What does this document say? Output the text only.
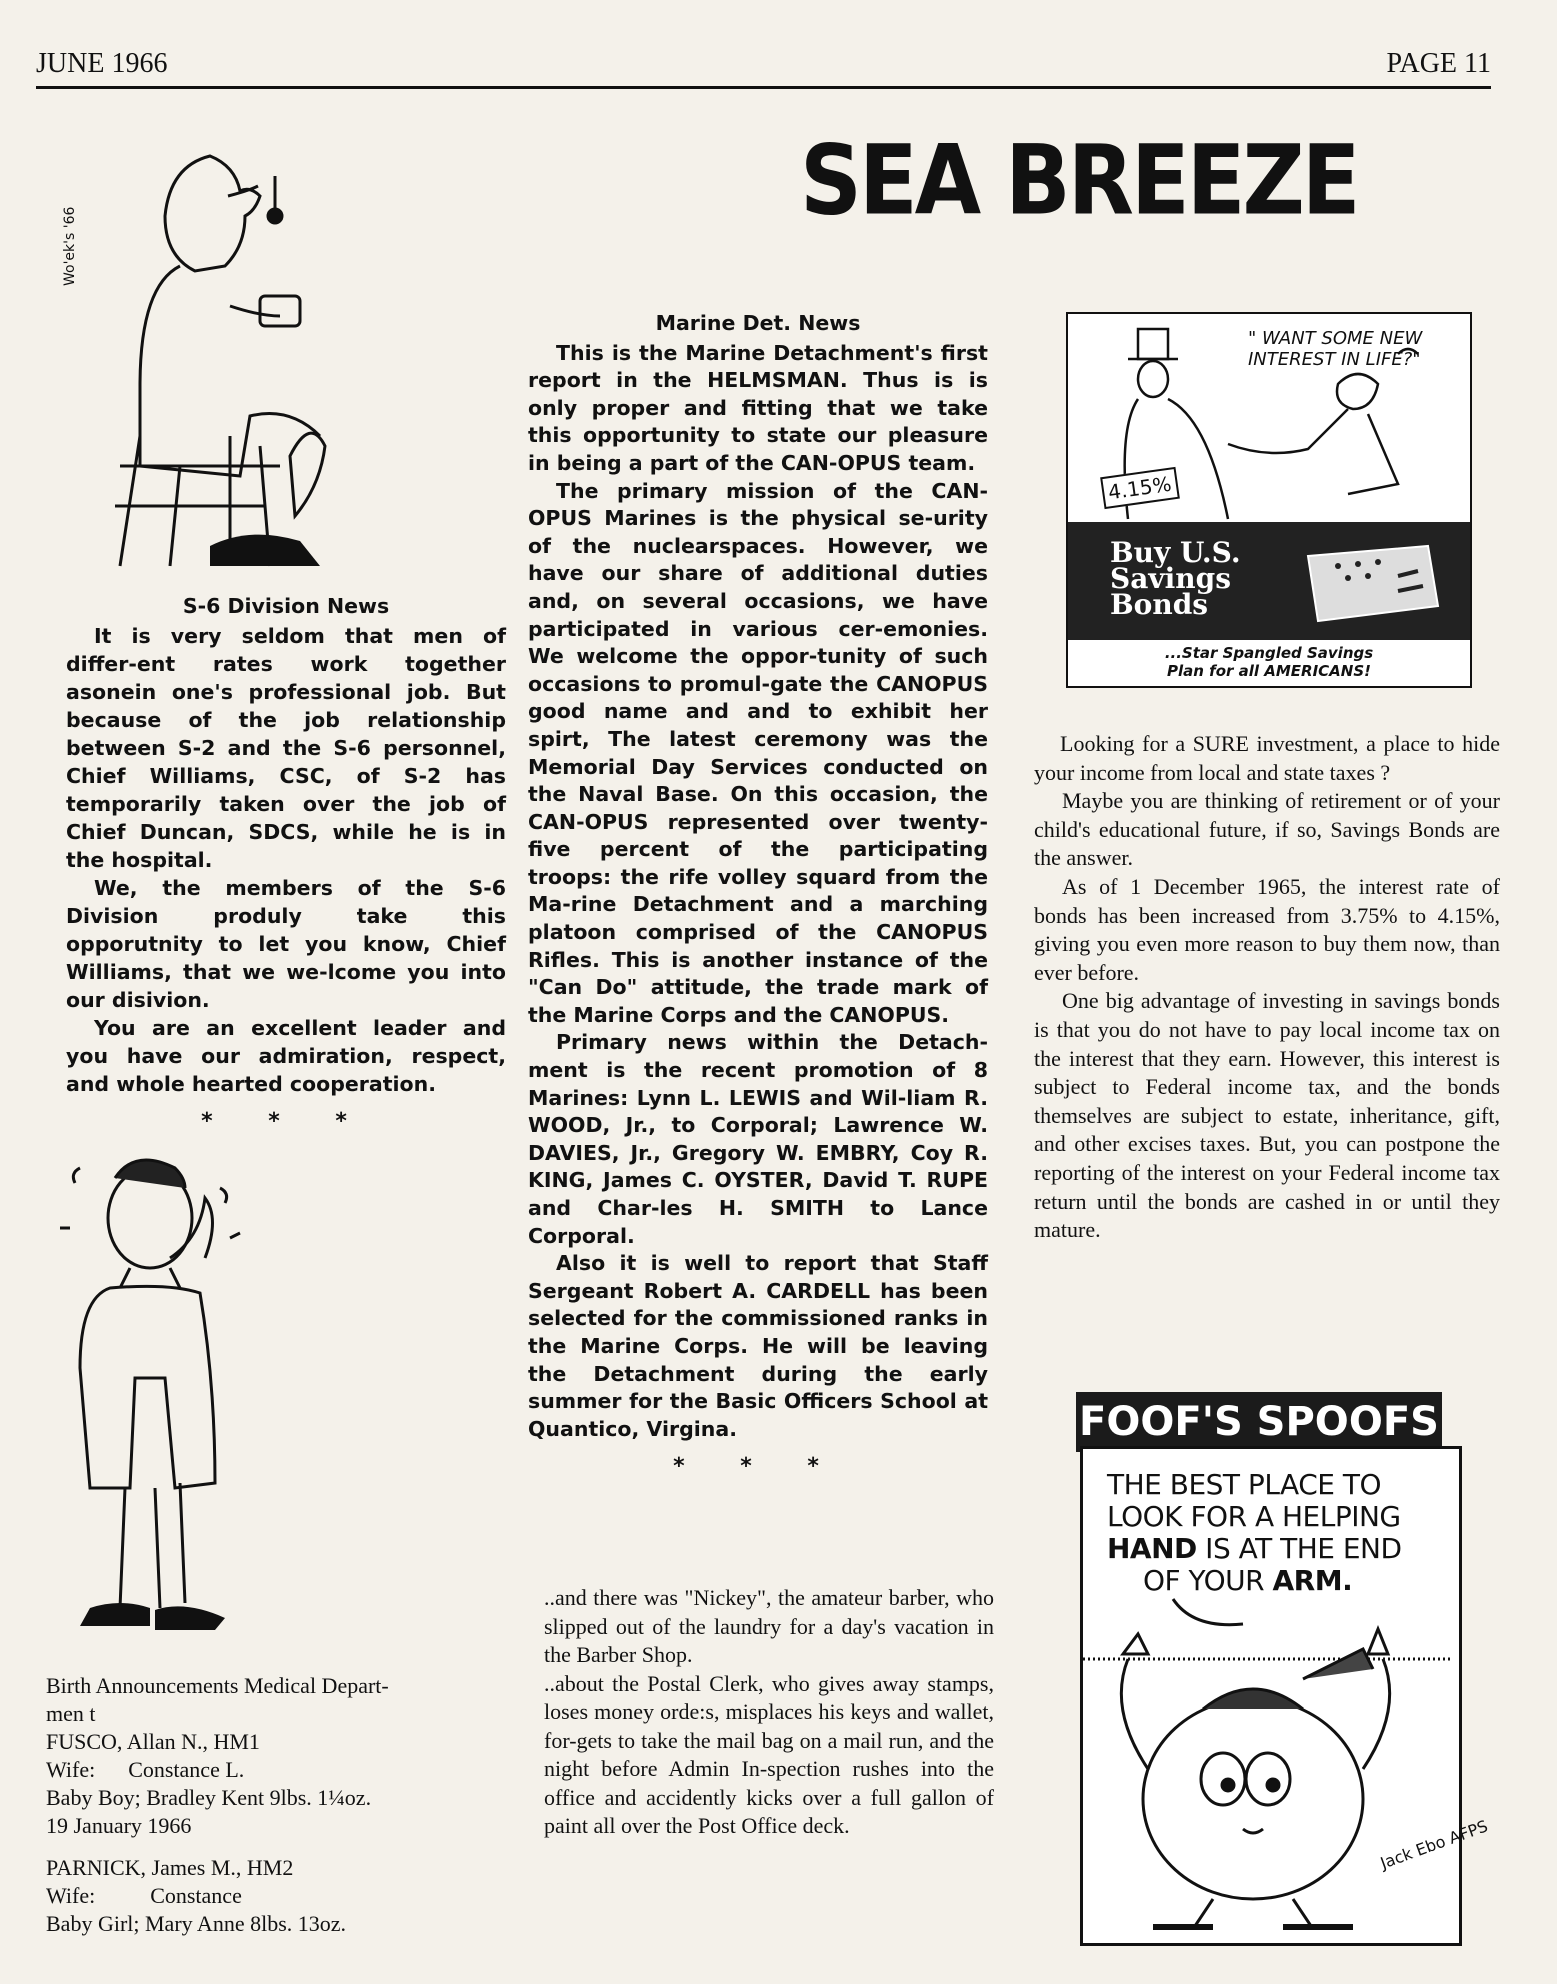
JUNE 1966	PAGE 11
SEA BREEZE
Wo'ek's '66
S-6 Division News

It is very seldom that men of differ-ent rates work together asonein one's professional job. But because of the job relationship between S-2 and the S-6 personnel, Chief Williams, CSC, of S-2 has temporarily taken over the job of Chief Duncan, SDCS, while he is in the hospital.

We, the members of the S-6 Division produly take this opporutnity to let you know, Chief Williams, that we we-lcome you into our disivion.

You are an excellent leader and you have our admiration, respect, and whole hearted cooperation.

* * *
Birth Announcements Medical Depart-
men t
FUSCO, Allan N., HM1
Wife:      Constance L.
Baby Boy; Bradley Kent 9lbs. 1¼oz.
19 January 1966
PARNICK, James M., HM2
Wife:          Constance
Baby Girl; Mary Anne 8lbs. 13oz.
Marine Det. News

This is the Marine Detachment's first report in the HELMSMAN. Thus is is only proper and fitting that we take this opportunity to state our pleasure in being a part of the CAN-OPUS team.

The primary mission of the CAN-OPUS Marines is the physical se-urity of the nuclearspaces. However, we have our share of additional duties and, on several occasions, we have participated in various cer-emonies. We welcome the oppor-tunity of such occasions to promul-gate the CANOPUS good name and and to exhibit her spirt, The latest ceremony was the Memorial Day Services conducted on the Naval Base. On this occasion, the CAN-OPUS represented over twenty-five percent of the participating troops: the rife volley squard from the Ma-rine Detachment and a marching platoon comprised of the CANOPUS Rifles. This is another instance of the "Can Do" attitude, the trade mark of the Marine Corps and the CANOPUS.

Primary news within the Detach-ment is the recent promotion of 8 Marines: Lynn L. LEWIS and Wil-liam R. WOOD, Jr., to Corporal; Lawrence W. DAVIES, Jr., Gregory W. EMBRY, Coy R. KING, James C. OYSTER, David T. RUPE and Char-les H. SMITH to Lance Corporal.

Also it is well to report that Staff Sergeant Robert A. CARDELL has been selected for the commissioned ranks in the Marine Corps. He will be leaving the Detachment during the early summer for the Basic Officers School at Quantico, Virgina.

* * *

..and there was "Nickey", the amateur barber, who slipped out of the laundry for a day's vacation in the Barber Shop.

..about the Postal Clerk, who gives away stamps, loses money orde:s, misplaces his keys and wallet, for-gets to take the mail bag on a mail run, and the night before Admin In-spection rushes into the office and accidently kicks over a full gallon of paint all over the Post Office deck.

4.15%
" WANT SOME NEW INTEREST IN LIFE?"
Buy U.S.
Savings
Bonds
...Star Spangled Savings
Plan for all AMERICANS!

Looking for a SURE investment, a place to hide your income from local and state taxes ?

Maybe you are thinking of retirement or of your child's educational future, if so, Savings Bonds are the answer.

As of 1 December 1965, the interest rate of bonds has been increased from 3.75% to 4.15%, giving you even more reason to buy them now, than ever before.

One big advantage of investing in savings bonds is that you do not have to pay local income tax on the interest that they earn. However, this interest is subject to Federal income tax, and the bonds themselves are subject to estate, inheritance, gift, and other excises taxes. But, you can postpone the reporting of the interest on your Federal income tax return until the bonds are cashed in or until they mature.

FOOF'S SPOOFS
THE BEST PLACE TO
LOOK FOR A HELPING
HAND IS AT THE END
OF YOUR ARM.
Jack Ebo AFPS
